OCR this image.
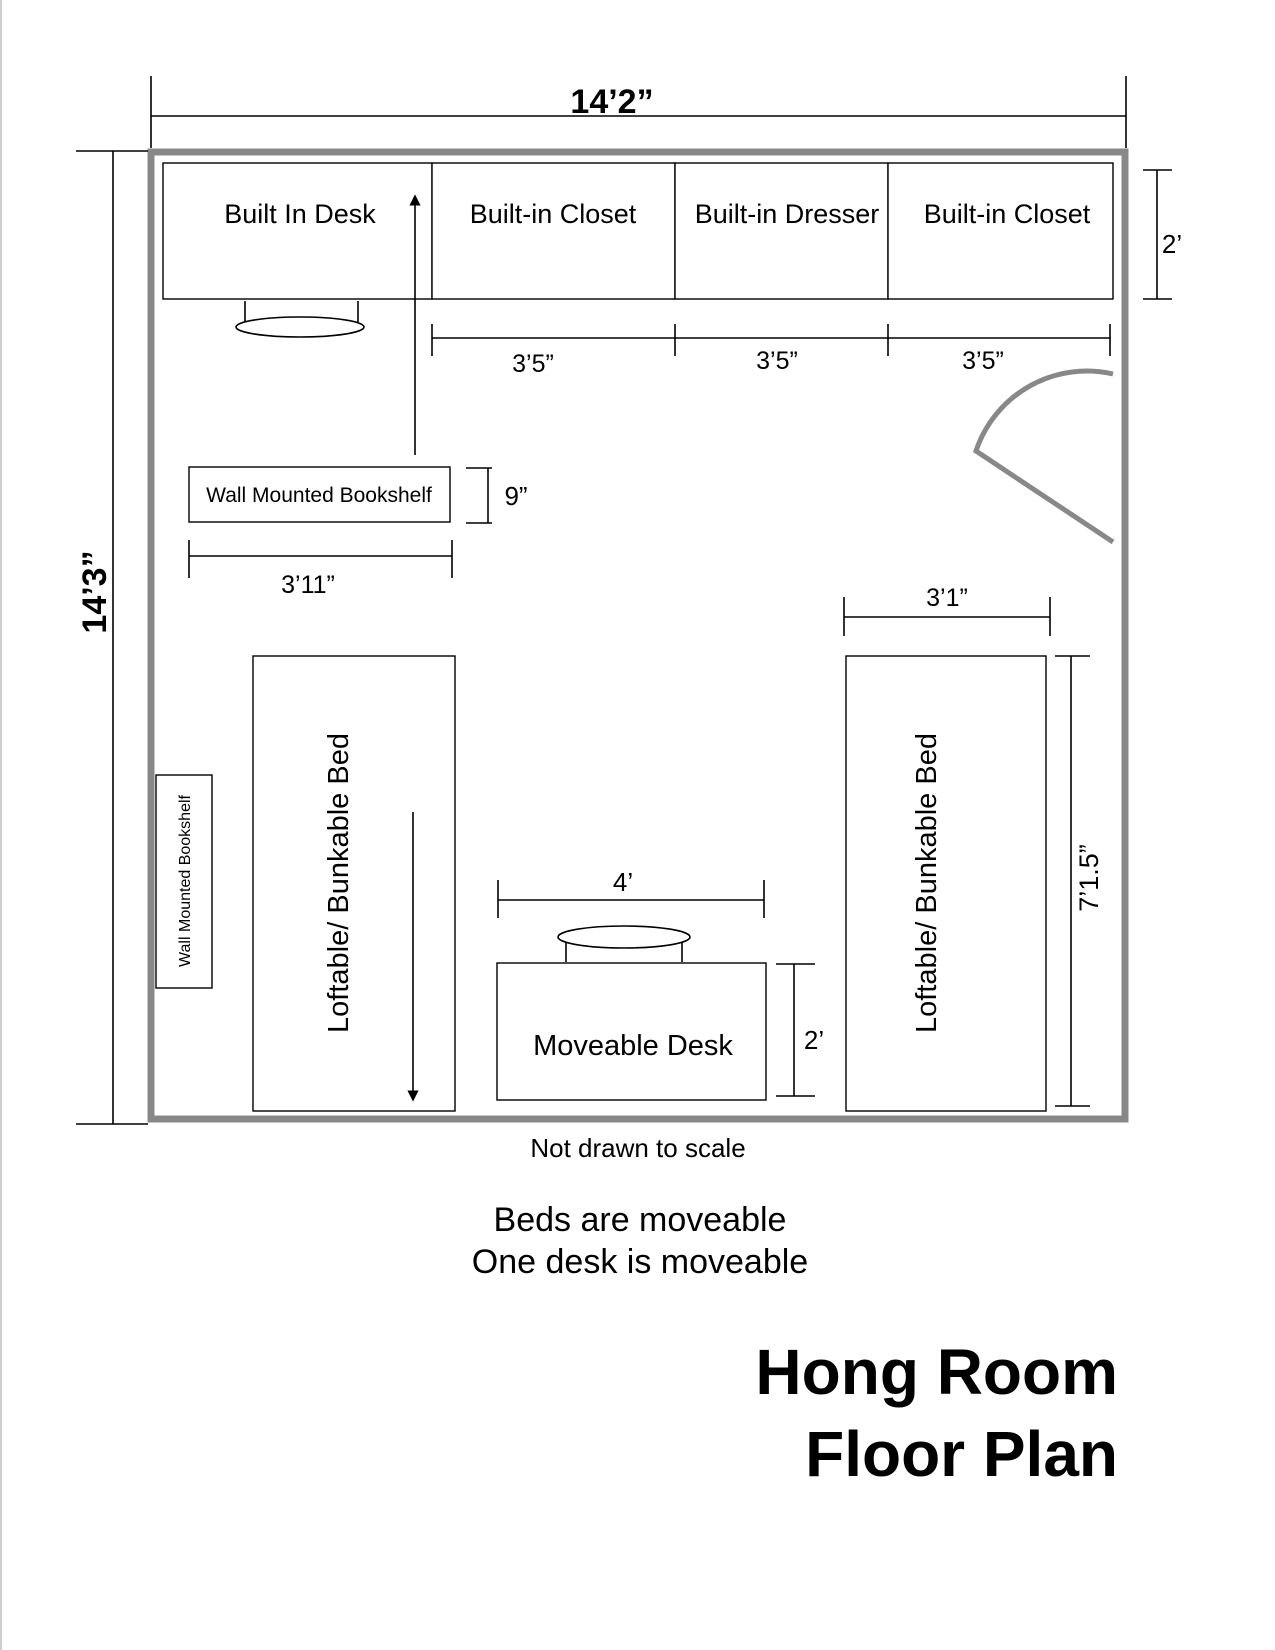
14’2”
14’3”
Built In Desk	Built-in Closet Built-in Dresser Built-in Closet
2’
3’5”	3’5”	3’5”
Wall Mounted Bookshelf	9”
3’11”	3’1”
Loftable/ Bunkable Bed	Loftable/ Bunkable Bed	7’1.5”
Wall Mounted Bookshelf	4’
Moveable Desk	2’
Not drawn to scale
Beds are moveable
One desk is moveable
Hong Room
Floor Plan
